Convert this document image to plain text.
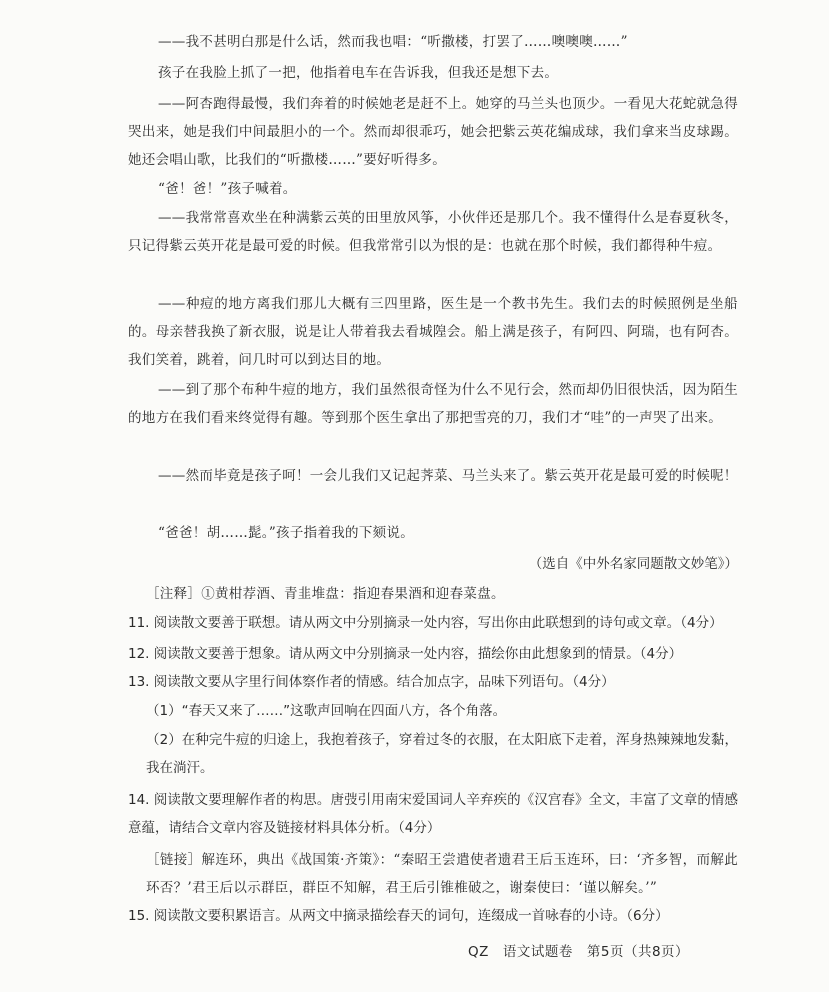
——我不甚明白那是什么话，然而我也唱：“听撒楼，打罢了……噢噢噢……”

孩子在我脸上抓了一把，他指着电车在告诉我，但我还是想下去。

——阿杏跑得最慢，我们奔着的时候她老是赶不上。她穿的马兰头也顶少。一看见大花蛇就急得哭出来，她是我们中间最胆小的一个。然而却很乖巧，她会把紫云英花编成球，我们拿来当皮球踢。她还会唱山歌，比我们的“听撒楼……”要好听得多。

“爸！爸！”孩子喊着。

——我常常喜欢坐在种满紫云英的田里放风筝，小伙伴还是那几个。我不懂得什么是春夏秋冬，只记得紫云英开花是最可爱的时候。但我常常引以为恨的是：也就在那个时候，我们都得种牛痘。

——种痘的地方离我们那儿大概有三四里路，医生是一个教书先生。我们去的时候照例是坐船的。母亲替我换了新衣服，说是让人带着我去看城隍会。船上满是孩子，有阿四、阿瑞，也有阿杏。我们笑着，跳着，问几时可以到达目的地。

——到了那个布种牛痘的地方，我们虽然很奇怪为什么不见行会，然而却仍旧很快活，因为陌生的地方在我们看来终觉得有趣。等到那个医生拿出了那把雪亮的刀，我们才“哇”的一声哭了出来。

——然而毕竟是孩子呵！一会儿我们又记起荠菜、马兰头来了。紫云英开花是最可爱的时候呢！

“爸爸！胡……髭。”孩子指着我的下颏说。

（选自《中外名家同题散文妙笔》）

［注释］①黄柑荐酒、青韭堆盘：指迎春果酒和迎春菜盘。

11. 阅读散文要善于联想。请从两文中分别摘录一处内容，写出你由此联想到的诗句或文章。（4分）

12. 阅读散文要善于想象。请从两文中分别摘录一处内容，描绘你由此想象到的情景。（4分）

13. 阅读散文要从字里行间体察作者的情感。结合加点字，品味下列语句。（4分）

（1）“春天又来了……”这歌声回响在四面八方，各个角落。

（2）在种完牛痘的归途上，我抱着孩子，穿着过冬的衣服，在太阳底下走着，浑身热辣辣地发黏，我在淌汗。

14. 阅读散文要理解作者的构思。唐弢引用南宋爱国词人辛弃疾的《汉宫春》全文，丰富了文章的情感意蕴，请结合文章内容及链接材料具体分析。（4分）

［链接］解连环，典出《战国策·齐策》：“秦昭王尝遣使者遗君王后玉连环，曰：‘齐多智，而解此环否？’君王后以示群臣，群臣不知解，君王后引锥椎破之，谢秦使曰：‘谨以解矣。’”

15. 阅读散文要积累语言。从两文中摘录描绘春天的词句，连缀成一首咏春的小诗。（6分）

QZ　语文试题卷　第5页（共8页）
